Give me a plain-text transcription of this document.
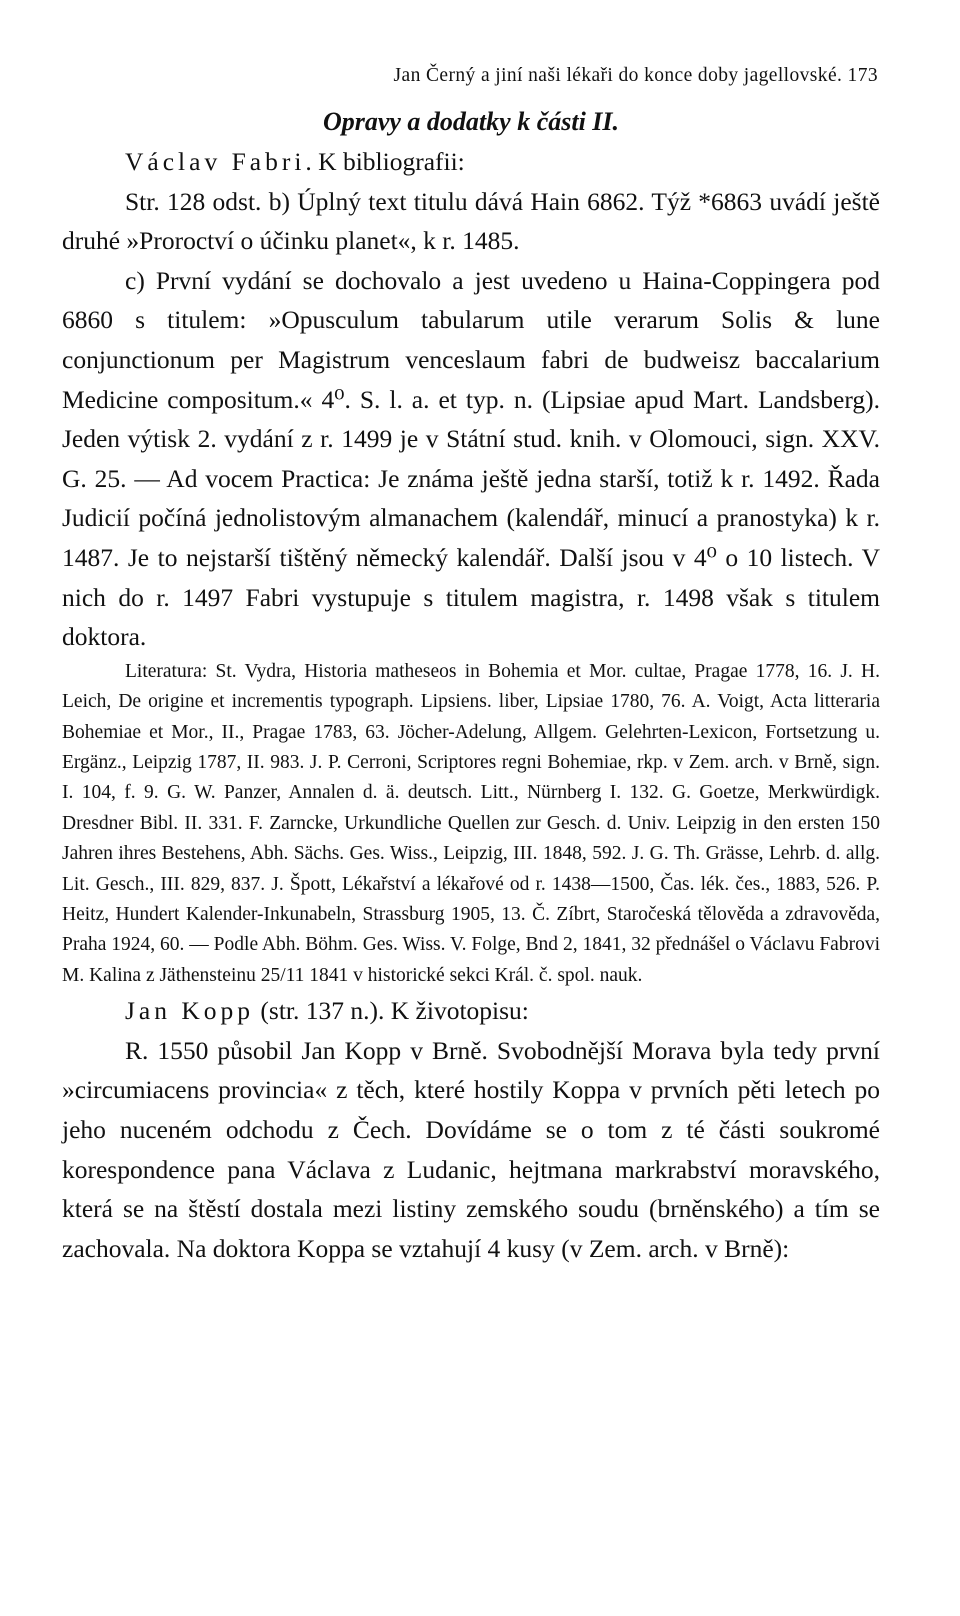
Jan Černý a jiní naši lékaři do konce doby jagellovské. 173
Opravy a dodatky k části II.

Václav Fabri. K bibliografii:

Str. 128 odst. b) Úplný text titulu dává Hain 6862. Týž *6863 uvádí ještě druhé »Proroctví o účinku planet«, k r. 1485.

c) První vydání se dochovalo a jest uvedeno u Haina-Coppingera pod 6860 s titulem: »Opusculum tabularum utile verarum Solis & lune conjunctionum per Magistrum venceslaum fabri de budweisz baccalarium Medicine compositum.« 4⁰. S. l. a. et typ. n. (Lipsiae apud Mart. Landsberg). Jeden výtisk 2. vydání z r. 1499 je v Státní stud. knih. v Olomouci, sign. XXV. G. 25. — Ad vocem Practica: Je známa ještě jedna starší, totiž k r. 1492. Řada Judicií počíná jednolistovým almanachem (kalendář, minucí a pranostyka) k r. 1487. Je to nejstarší tištěný německý kalendář. Další jsou v 4⁰ o 10 listech. V nich do r. 1497 Fabri vystupuje s titulem magistra, r. 1498 však s titulem doktora.

Literatura: St. Vydra, Historia matheseos in Bohemia et Mor. cultae, Pragae 1778, 16. J. H. Leich, De origine et incrementis typograph. Lipsiens. liber, Lipsiae 1780, 76. A. Voigt, Acta litteraria Bohemiae et Mor., II., Pragae 1783, 63. Jöcher-Adelung, Allgem. Gelehrten-Lexicon, Fortsetzung u. Ergänz., Leipzig 1787, II. 983. J. P. Cerroni, Scriptores regni Bohemiae, rkp. v Zem. arch. v Brně, sign. I. 104, f. 9. G. W. Panzer, Annalen d. ä. deutsch. Litt., Nürnberg I. 132. G. Goetze, Merkwürdigk. Dresdner Bibl. II. 331. F. Zarncke, Urkundliche Quellen zur Gesch. d. Univ. Leipzig in den ersten 150 Jahren ihres Bestehens, Abh. Sächs. Ges. Wiss., Leipzig, III. 1848, 592. J. G. Th. Grässe, Lehrb. d. allg. Lit. Gesch., III. 829, 837. J. Špott, Lékařství a lékařové od r. 1438—1500, Čas. lék. čes., 1883, 526. P. Heitz, Hundert Kalender-Inkunabeln, Strassburg 1905, 13. Č. Zíbrt, Staročeská tělověda a zdravověda, Praha 1924, 60. — Podle Abh. Böhm. Ges. Wiss. V. Folge, Bnd 2, 1841, 32 přednášel o Václavu Fabrovi M. Kalina z Jäthensteinu 25/11 1841 v historické sekci Král. č. spol. nauk.

Jan Kopp (str. 137 n.). K životopisu:

R. 1550 působil Jan Kopp v Brně. Svobodnější Morava byla tedy první »circumiacens provincia« z těch, které hostily Koppa v prvních pěti letech po jeho nuceném odchodu z Čech. Dovídáme se o tom z té části soukromé korespondence pana Václava z Ludanic, hejtmana markrabství moravského, která se na štěstí dostala mezi listiny zemského soudu (brněnského) a tím se zachovala. Na doktora Koppa se vztahují 4 kusy (v Zem. arch. v Brně):
